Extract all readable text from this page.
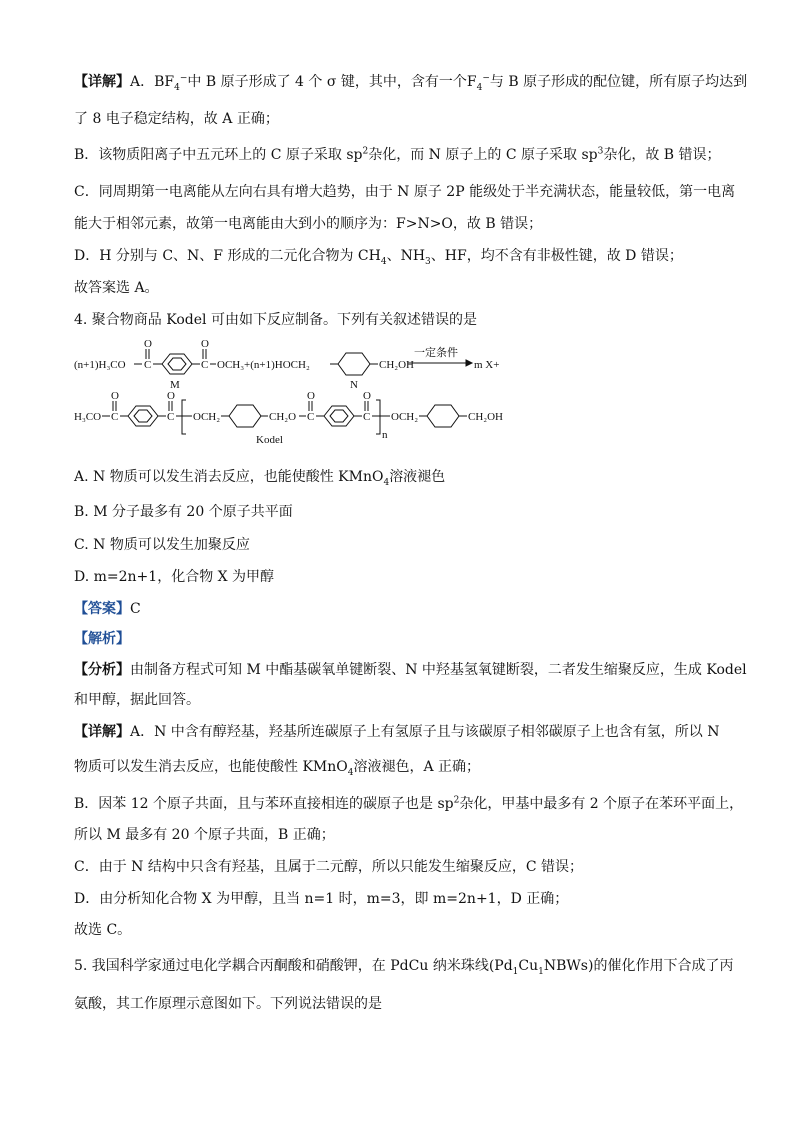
【详解】A．$BF_4^-$中 B 原子形成了 4 个 σ 键，其中，含有一个$F_4^-$与 B 原子形成的配位键，所有原子均达到
了 8 电子稳定结构，故 A 正确；
B．该物质阳离子中五元环上的 C 原子采取 $sp^2$杂化，而 N 原子上的 C 原子采取 $sp^3$杂化，故 B 错误；
C．同周期第一电离能从左向右具有增大趋势，由于 N 原子 2P 能级处于半充满状态，能量较低，第一电离
能大于相邻元素，故第一电离能由大到小的顺序为：F>N>O，故 B 错误；
D．H 分别与 C、N、F 形成的二元化合物为 $CH_4$、$NH_3$、HF，均不含有非极性键，故 D 错误；
故答案选 A。
4. 聚合物商品 Kodel 可由如下反应制备。下列有关叙述错误的是
(n+1)H₃CO C
O
M
C
O
OCH₃+(n+1)HOCH₂
N
CH₂OH
一定条件
m X+
H₃CO C
O
C
O
OCH₂	CH₂O
Kodel
C
O
C
O
n
OCH₂	CH₂OH
A. N 物质可以发生消去反应，也能使酸性 KMnO$_4$溶液褪色
B. M 分子最多有 20 个原子共平面
C. N 物质可以发生加聚反应
D. m=2n+1，化合物 X 为甲醇
【答案】C
【解析】
【分析】由制备方程式可知 M 中酯基碳氧单键断裂、N 中羟基氢氧键断裂，二者发生缩聚反应，生成 Kodel
和甲醇，据此回答。
【详解】A．N 中含有醇羟基，羟基所连碳原子上有氢原子且与该碳原子相邻碳原子上也含有氢，所以 N
物质可以发生消去反应，也能使酸性 KMnO$_4$溶液褪色，A 正确；
B．因苯 12 个原子共面，且与苯环直接相连的碳原子也是 $sp^2$杂化，甲基中最多有 2 个原子在苯环平面上，
所以 M 最多有 20 个原子共面，B 正确；
C．由于 N 结构中只含有羟基，且属于二元醇，所以只能发生缩聚反应，C 错误；
D．由分析知化合物 X 为甲醇，且当 n=1 时，m=3，即 m=2n+1，D 正确；
故选 C。
5. 我国科学家通过电化学耦合丙酮酸和硝酸钾，在 PdCu 纳米珠线$(Pd_1Cu_1NBWs)$的催化作用下合成了丙
氨酸，其工作原理示意图如下。下列说法错误的是
